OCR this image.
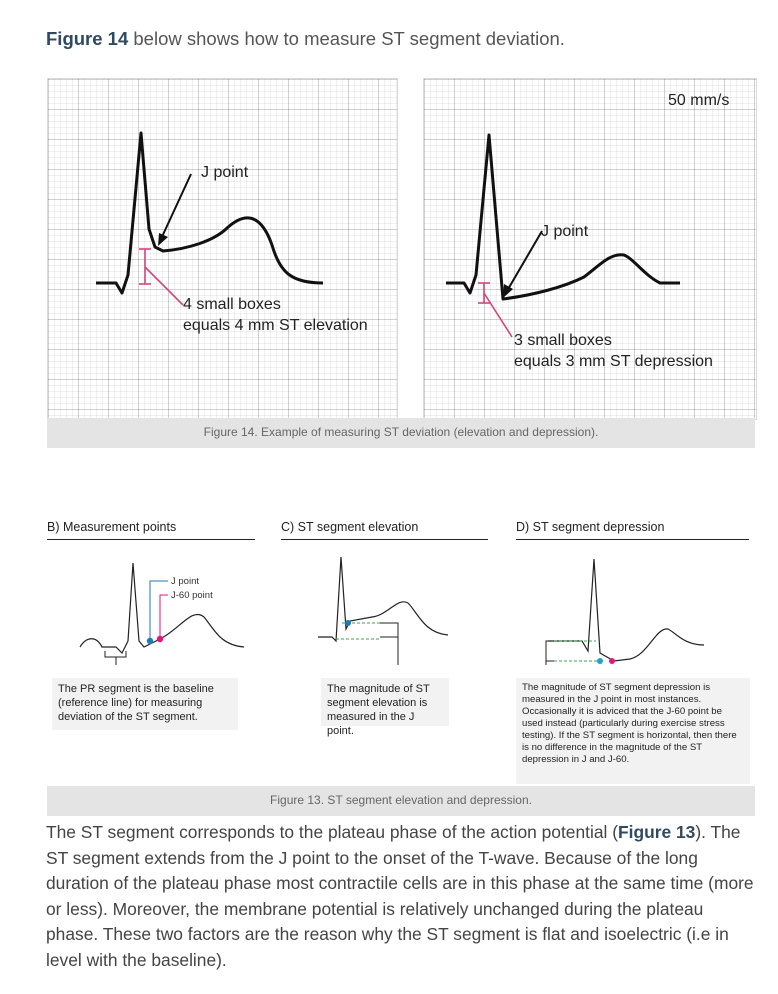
Figure 14 below shows how to measure ST segment deviation.
J point
4 small boxes
equals 4 mm ST elevation
50 mm/s
J point
3 small boxes
equals 3 mm ST depression
Figure 14. Example of measuring ST deviation (elevation and depression).
B) Measurement points	C) ST segment elevation	D) ST segment depression
J point
J-60 point
The PR segment is the baseline (reference line) for measuring deviation of the ST segment.
The magnitude of ST segment elevation is measured in the J point.
The magnitude of ST segment depression is measured in the J point in most instances. Occasionally it is adviced that the J-60 point be used instead (particularly during exercise stress testing). If the ST segment is horizontal, then there is no difference in the magnitude of the ST depression in J and J-60.
Figure 13. ST segment elevation and depression.
The ST segment corresponds to the plateau phase of the action potential (Figure 13). The ST segment extends from the J point to the onset of the T-wave. Because of the long duration of the plateau phase most contractile cells are in this phase at the same time (more or less). Moreover, the membrane potential is relatively unchanged during the plateau phase. These two factors are the reason why the ST segment is flat and isoelectric (i.e in level with the baseline).
